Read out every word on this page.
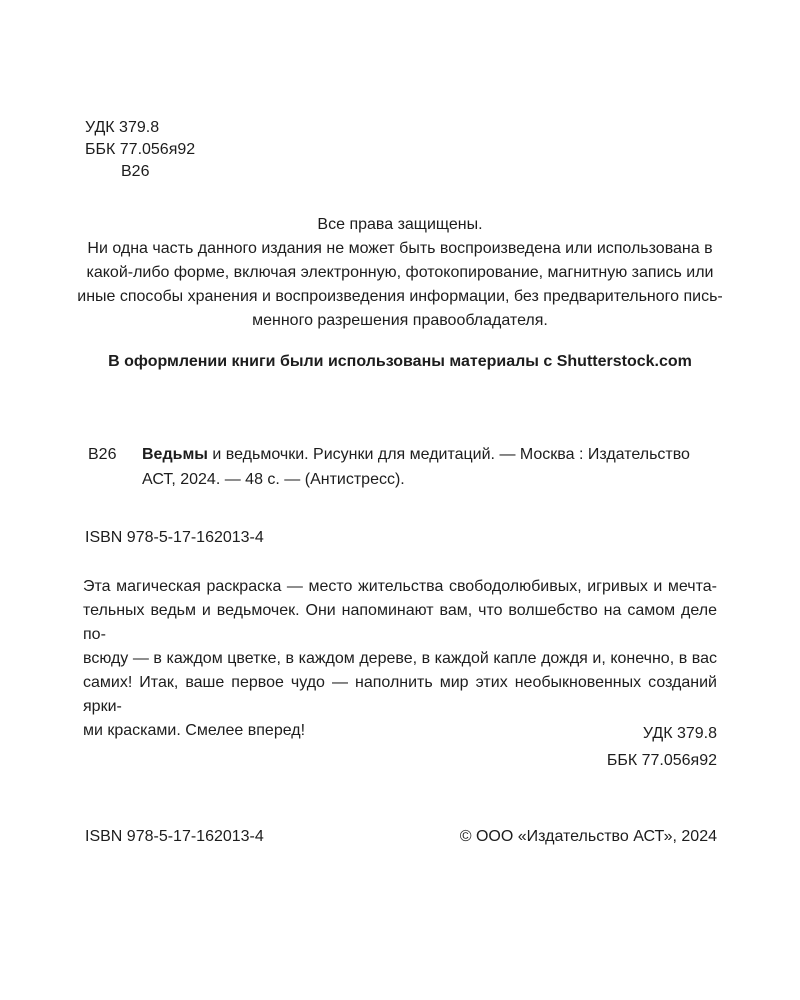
УДК 379.8
ББК 77.056я92
В26
Все права защищены.
Ни одна часть данного издания не может быть воспроизведена или использована в
какой-либо форме, включая электронную, фотокопирование, магнитную запись или
иные способы хранения и воспроизведения информации, без предварительного пись-
менного разрешения правообладателя.
В оформлении книги были использованы материалы с Shutterstock.com
В26 Ведьмы и ведьмочки. Рисунки для медитаций. — Москва : Издательство
АСТ, 2024. — 48 с. — (Антистресс).
ISBN 978-5-17-162013-4
Эта магическая раскраска — место жительства свободолюбивых, игривых и мечта-
тельных ведьм и ведьмочек. Они напоминают вам, что волшебство на самом деле по-
всюду — в каждом цветке, в каждом дереве, в каждой капле дождя и, конечно, в вас
самих! Итак, ваше первое чудо — наполнить мир этих необыкновенных созданий ярки-
ми красками. Смелее вперед!	УДК 379.8
ББК 77.056я92
ISBN 978-5-17-162013-4	© ООО «Издательство АСТ», 2024
